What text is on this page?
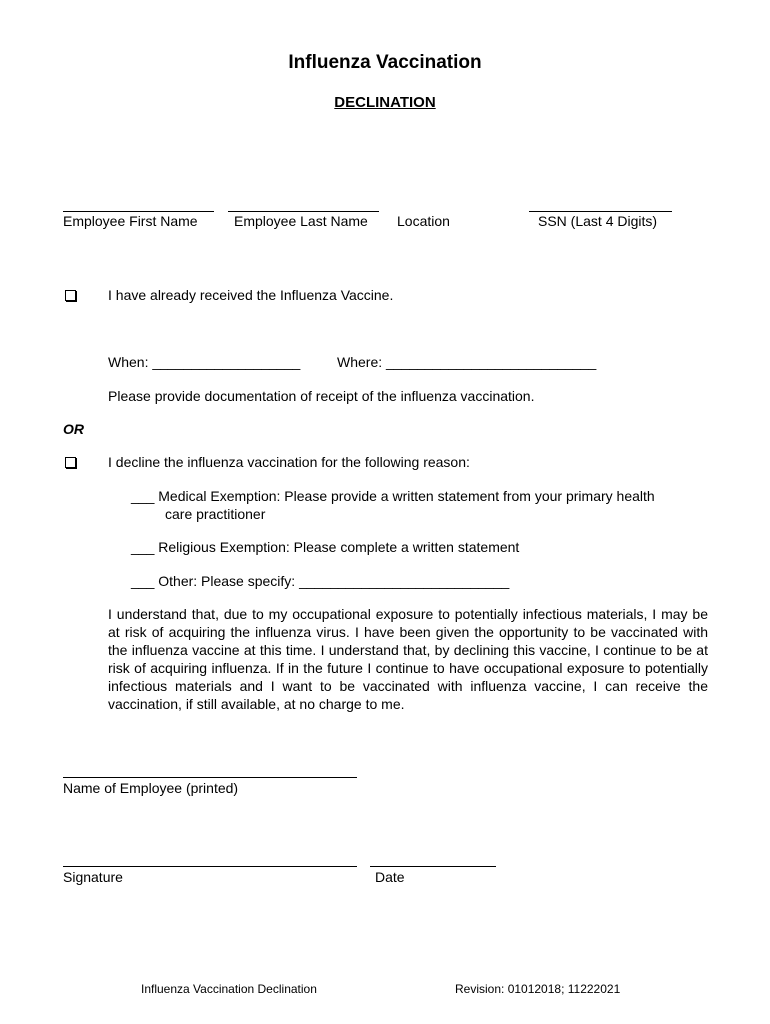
Influenza Vaccination
DECLINATION
Employee First Name	Employee Last Name Location	SSN (Last 4 Digits)
I have already received the Influenza Vaccine.
When: ___________________	Where: ___________________________
Please provide documentation of receipt of the influenza vaccination.
OR
I decline the influenza vaccination for the following reason:
___ Medical Exemption: Please provide a written statement from your primary health
care practitioner
___ Religious Exemption: Please complete a written statement
___ Other: Please specify: ___________________________
I understand that, due to my occupational exposure to potentially infectious materials, I may be at risk of acquiring the influenza virus. I have been given the opportunity to be vaccinated with the influenza vaccine at this time. I understand that, by declining this vaccine, I continue to be at risk of acquiring influenza. If in the future I continue to have occupational exposure to potentially infectious materials and I want to be vaccinated with influenza vaccine, I can receive the vaccination, if still available, at no charge to me.
Name of Employee (printed)
Signature	Date
Influenza Vaccination Declination	Revision: 01012018; 11222021
